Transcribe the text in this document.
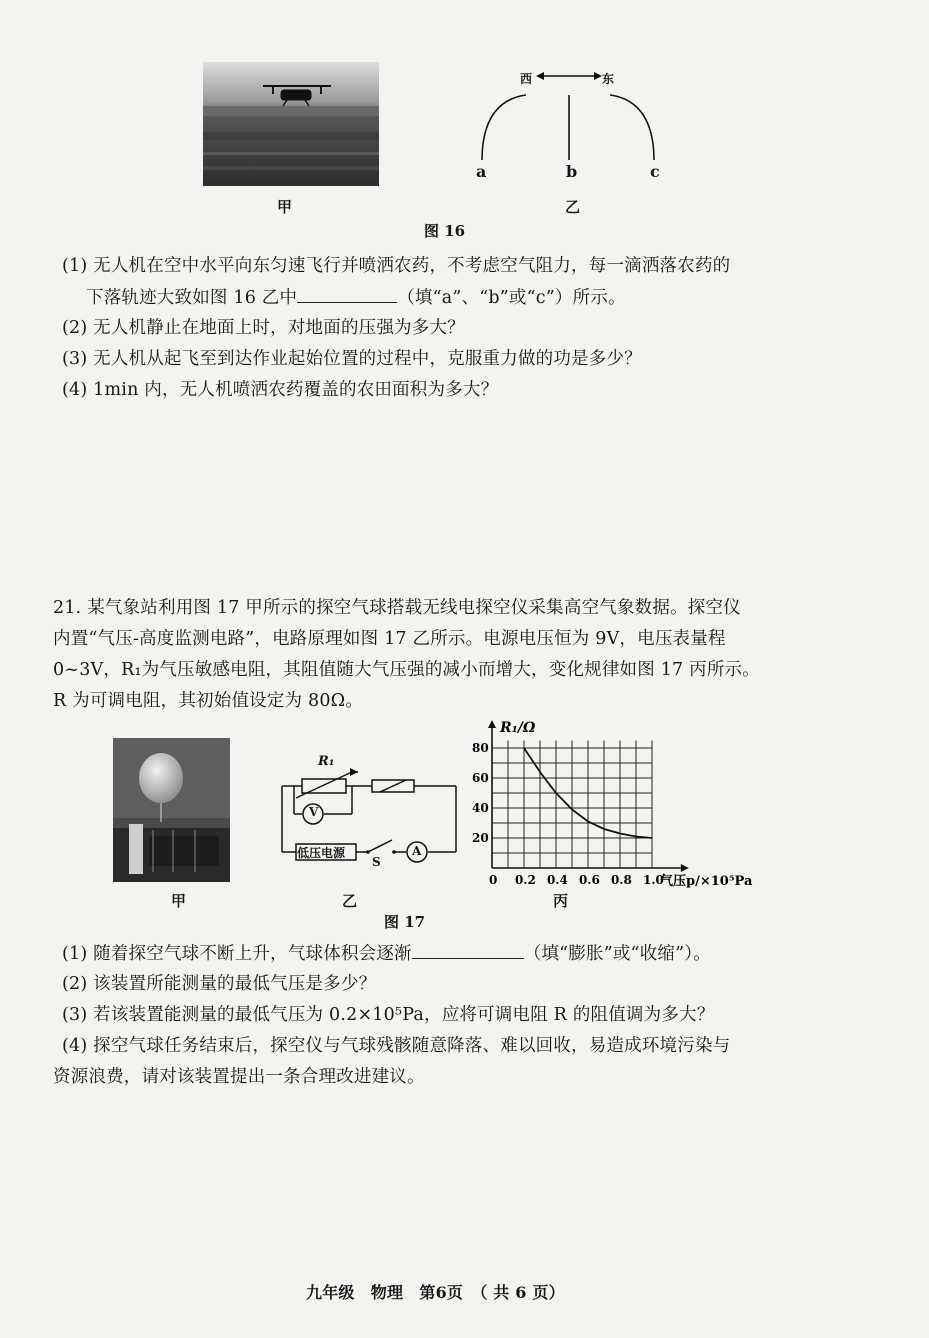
甲
西	东
a	b	c
乙
图 16
(1) 无人机在空中水平向东匀速飞行并喷洒农药，不考虑空气阻力，每一滴洒落农药的
下落轨迹大致如图 16 乙中	（填“a”、“b”或“c”）所示。
(2) 无人机静止在地面上时，对地面的压强为多大？
(3) 无人机从起飞至到达作业起始位置的过程中，克服重力做的功是多少？
(4) 1min 内，无人机喷洒农药覆盖的农田面积为多大？
21. 某气象站利用图 17 甲所示的探空气球搭载无线电探空仪采集高空气象数据。探空仪
内置“气压-高度监测电路”，电路原理如图 17 乙所示。电源电压恒为 9V，电压表量程
0~3V，R₁为气压敏感电阻，其阻值随大气压强的减小而增大，变化规律如图 17 丙所示。
R 为可调电阻，其初始值设定为 80Ω。
甲
R₁
V
低压电源
S
A
乙
0 0.2 0.4 0.6 0.8 1.0
20
40
60
80
R₁/Ω
气压p/×10⁵Pa
丙
图 17
(1) 随着探空气球不断上升，气球体积会逐渐	（填“膨胀”或“收缩”）。
(2) 该装置所能测量的最低气压是多少？
(3) 若该装置能测量的最低气压为 0.2×10⁵Pa，应将可调电阻 R 的阻值调为多大？
(4) 探空气球任务结束后，探空仪与气球残骸随意降落、难以回收，易造成环境污染与
资源浪费，请对该装置提出一条合理改进建议。
九年级　物理　第6页　（ 共 6 页）
